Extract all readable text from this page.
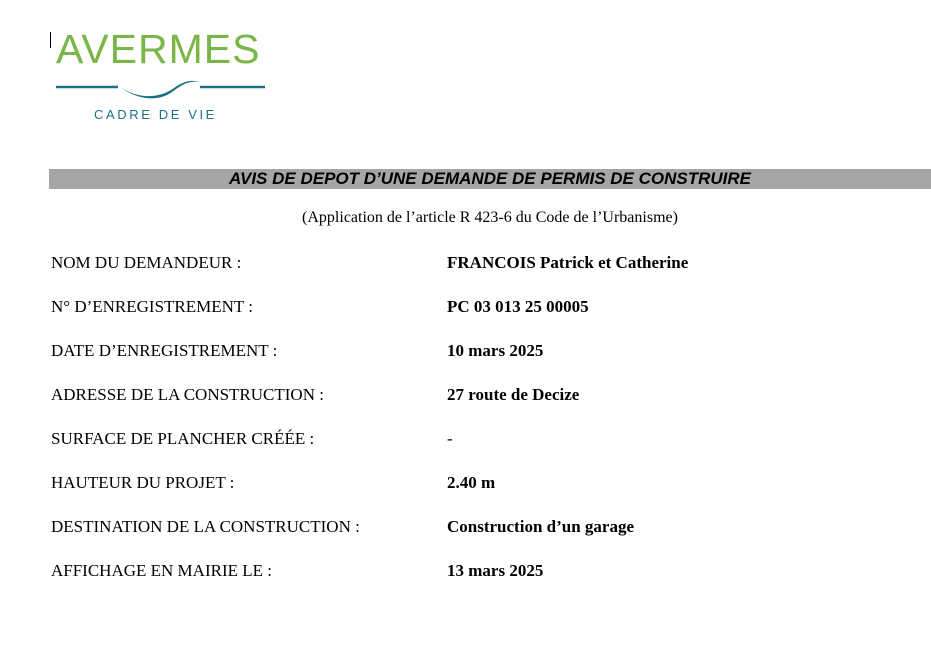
AVERMES
CADRE DE VIE
AVIS DE DEPOT D’UNE DEMANDE DE PERMIS DE CONSTRUIRE
(Application de l’article R 423-6 du Code de l’Urbanisme)
NOM DU DEMANDEUR :	FRANCOIS Patrick et Catherine
N° D’ENREGISTREMENT :	PC 03 013 25 00005
DATE D’ENREGISTREMENT :	10 mars 2025
ADRESSE DE LA CONSTRUCTION :	27 route de Decize
SURFACE DE PLANCHER CRÉÉE :	-
HAUTEUR DU PROJET :	2.40 m
DESTINATION DE LA CONSTRUCTION :	Construction d’un garage
AFFICHAGE EN MAIRIE LE :	13 mars 2025
